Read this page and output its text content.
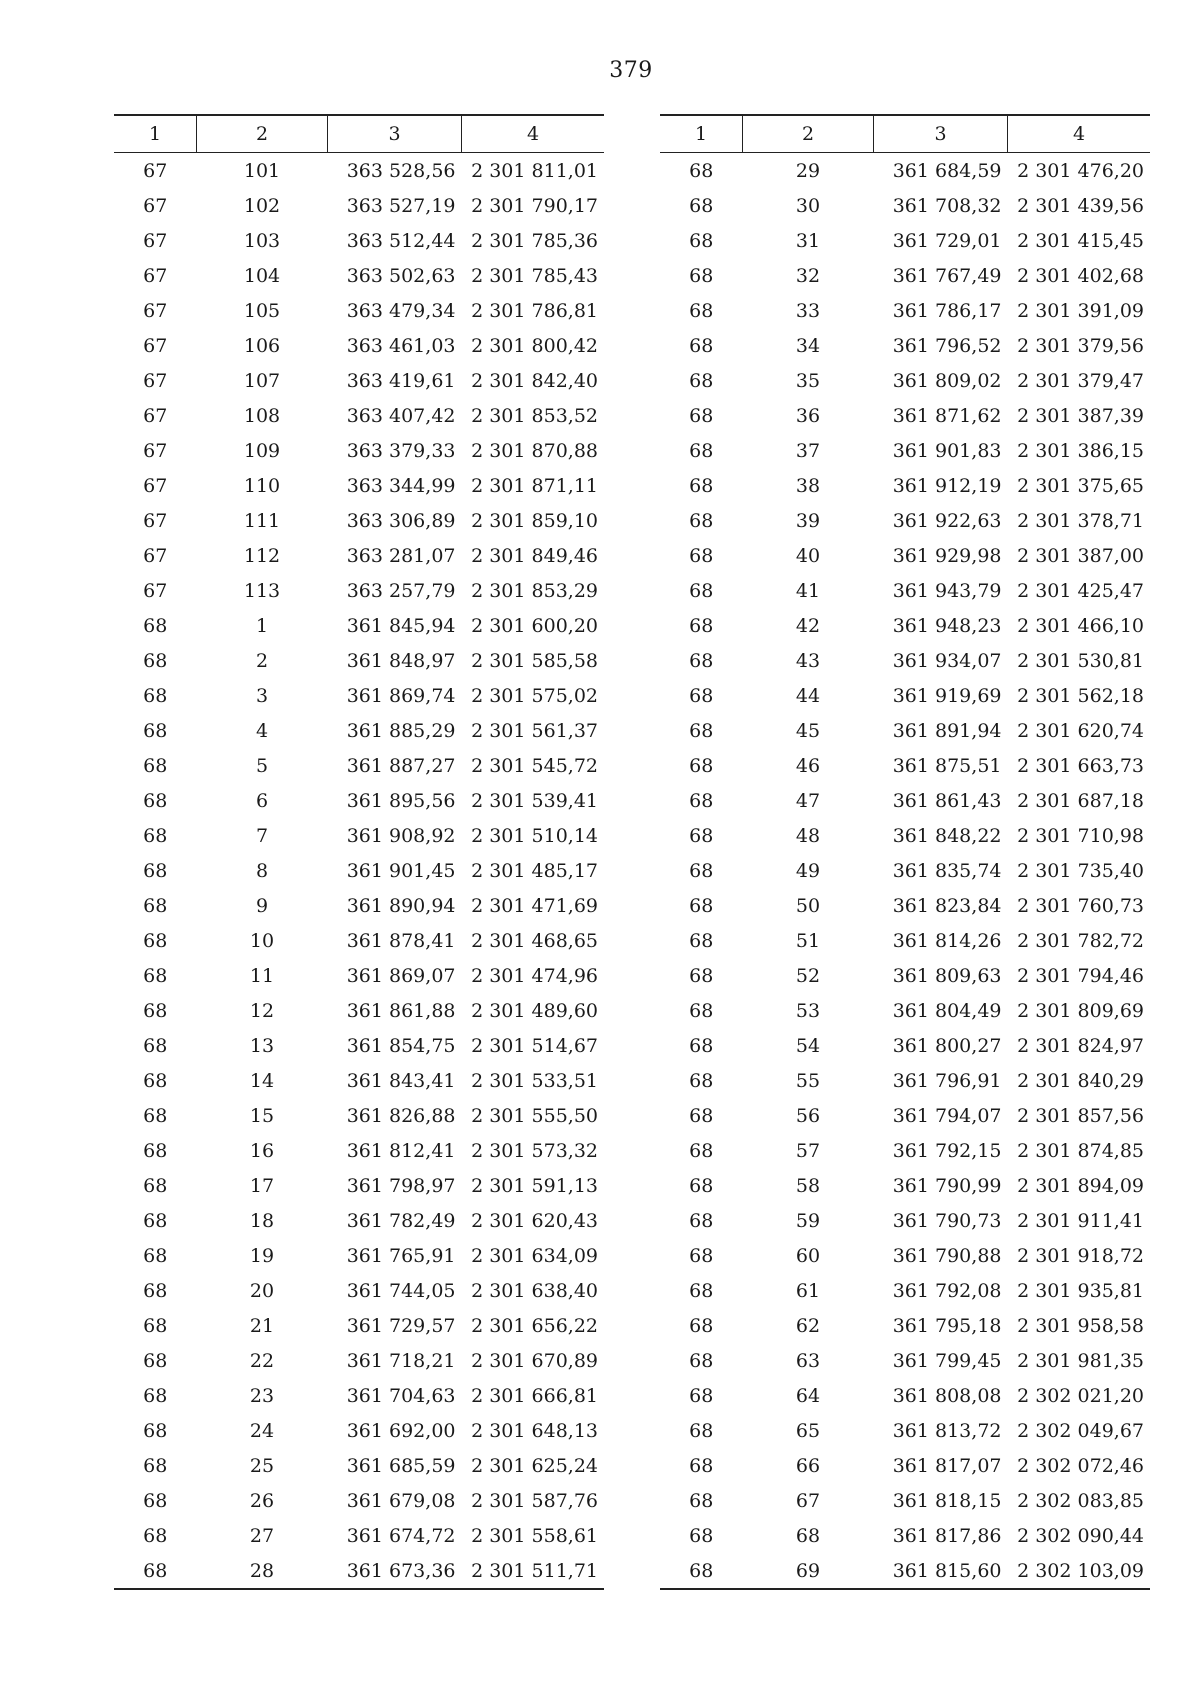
379
1	2	3	4
67	101	363 528,56	2 301 811,01
67	102	363 527,19	2 301 790,17
67	103	363 512,44	2 301 785,36
67	104	363 502,63	2 301 785,43
67	105	363 479,34	2 301 786,81
67	106	363 461,03	2 301 800,42
67	107	363 419,61	2 301 842,40
67	108	363 407,42	2 301 853,52
67	109	363 379,33	2 301 870,88
67	110	363 344,99	2 301 871,11
67	111	363 306,89	2 301 859,10
67	112	363 281,07	2 301 849,46
67	113	363 257,79	2 301 853,29
68	1	361 845,94	2 301 600,20
68	2	361 848,97	2 301 585,58
68	3	361 869,74	2 301 575,02
68	4	361 885,29	2 301 561,37
68	5	361 887,27	2 301 545,72
68	6	361 895,56	2 301 539,41
68	7	361 908,92	2 301 510,14
68	8	361 901,45	2 301 485,17
68	9	361 890,94	2 301 471,69
68	10	361 878,41	2 301 468,65
68	11	361 869,07	2 301 474,96
68	12	361 861,88	2 301 489,60
68	13	361 854,75	2 301 514,67
68	14	361 843,41	2 301 533,51
68	15	361 826,88	2 301 555,50
68	16	361 812,41	2 301 573,32
68	17	361 798,97	2 301 591,13
68	18	361 782,49	2 301 620,43
68	19	361 765,91	2 301 634,09
68	20	361 744,05	2 301 638,40
68	21	361 729,57	2 301 656,22
68	22	361 718,21	2 301 670,89
68	23	361 704,63	2 301 666,81
68	24	361 692,00	2 301 648,13
68	25	361 685,59	2 301 625,24
68	26	361 679,08	2 301 587,76
68	27	361 674,72	2 301 558,61
68	28	361 673,36	2 301 511,71
1	2	3	4
68	29	361 684,59	2 301 476,20
68	30	361 708,32	2 301 439,56
68	31	361 729,01	2 301 415,45
68	32	361 767,49	2 301 402,68
68	33	361 786,17	2 301 391,09
68	34	361 796,52	2 301 379,56
68	35	361 809,02	2 301 379,47
68	36	361 871,62	2 301 387,39
68	37	361 901,83	2 301 386,15
68	38	361 912,19	2 301 375,65
68	39	361 922,63	2 301 378,71
68	40	361 929,98	2 301 387,00
68	41	361 943,79	2 301 425,47
68	42	361 948,23	2 301 466,10
68	43	361 934,07	2 301 530,81
68	44	361 919,69	2 301 562,18
68	45	361 891,94	2 301 620,74
68	46	361 875,51	2 301 663,73
68	47	361 861,43	2 301 687,18
68	48	361 848,22	2 301 710,98
68	49	361 835,74	2 301 735,40
68	50	361 823,84	2 301 760,73
68	51	361 814,26	2 301 782,72
68	52	361 809,63	2 301 794,46
68	53	361 804,49	2 301 809,69
68	54	361 800,27	2 301 824,97
68	55	361 796,91	2 301 840,29
68	56	361 794,07	2 301 857,56
68	57	361 792,15	2 301 874,85
68	58	361 790,99	2 301 894,09
68	59	361 790,73	2 301 911,41
68	60	361 790,88	2 301 918,72
68	61	361 792,08	2 301 935,81
68	62	361 795,18	2 301 958,58
68	63	361 799,45	2 301 981,35
68	64	361 808,08	2 302 021,20
68	65	361 813,72	2 302 049,67
68	66	361 817,07	2 302 072,46
68	67	361 818,15	2 302 083,85
68	68	361 817,86	2 302 090,44
68	69	361 815,60	2 302 103,09
